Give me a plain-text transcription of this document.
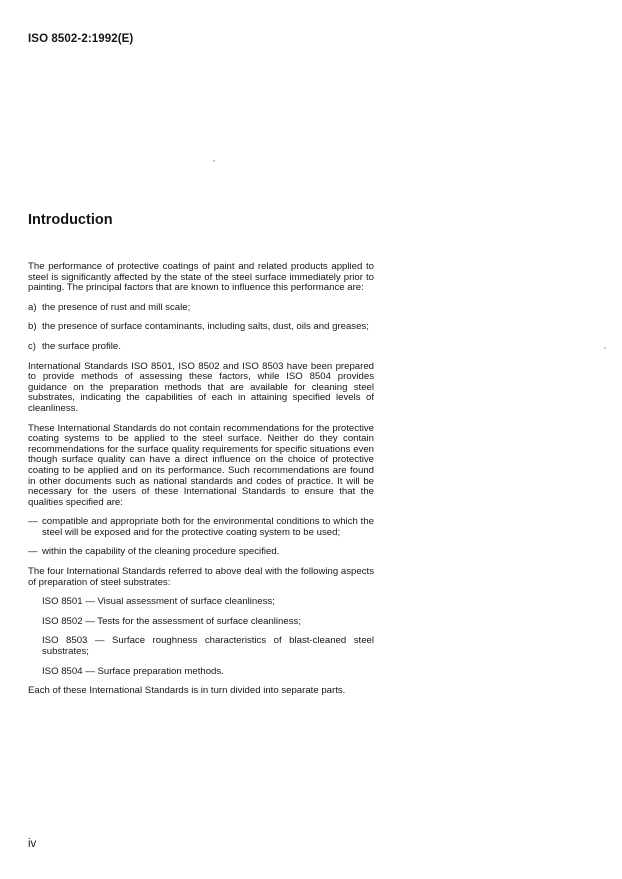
ISO 8502-2:1992(E)
Introduction

The performance of protective coatings of paint and related products applied to steel is significantly affected by the state of the steel surface immediately prior to painting. The principal factors that are known to influence this performance are:

a) the presence of rust and mill scale;
b) the presence of surface contaminants, including salts, dust, oils and greases;
c) the surface profile.

International Standards ISO 8501, ISO 8502 and ISO 8503 have been prepared to provide methods of assessing these factors, while ISO 8504 provides guidance on the preparation methods that are available for cleaning steel substrates, indicating the capabilities of each in attaining specified levels of cleanliness.

These International Standards do not contain recommendations for the protective coating systems to be applied to the steel surface. Neither do they contain recommendations for the surface quality requirements for specific situations even though surface quality can have a direct influence on the choice of protective coating to be applied and on its performance. Such recommendations are found in other documents such as national standards and codes of practice. It will be necessary for the users of these International Standards to ensure that the qualities specified are:

— compatible and appropriate both for the environmental conditions to which the steel will be exposed and for the protective coating system to be used;
— within the capability of the cleaning procedure specified.

The four International Standards referred to above deal with the following aspects of preparation of steel substrates:

ISO 8501 — Visual assessment of surface cleanliness;
ISO 8502 — Tests for the assessment of surface cleanliness;
ISO 8503 — Surface roughness characteristics of blast-cleaned steel substrates;
ISO 8504 — Surface preparation methods.

Each of these International Standards is in turn divided into separate parts.

iv
